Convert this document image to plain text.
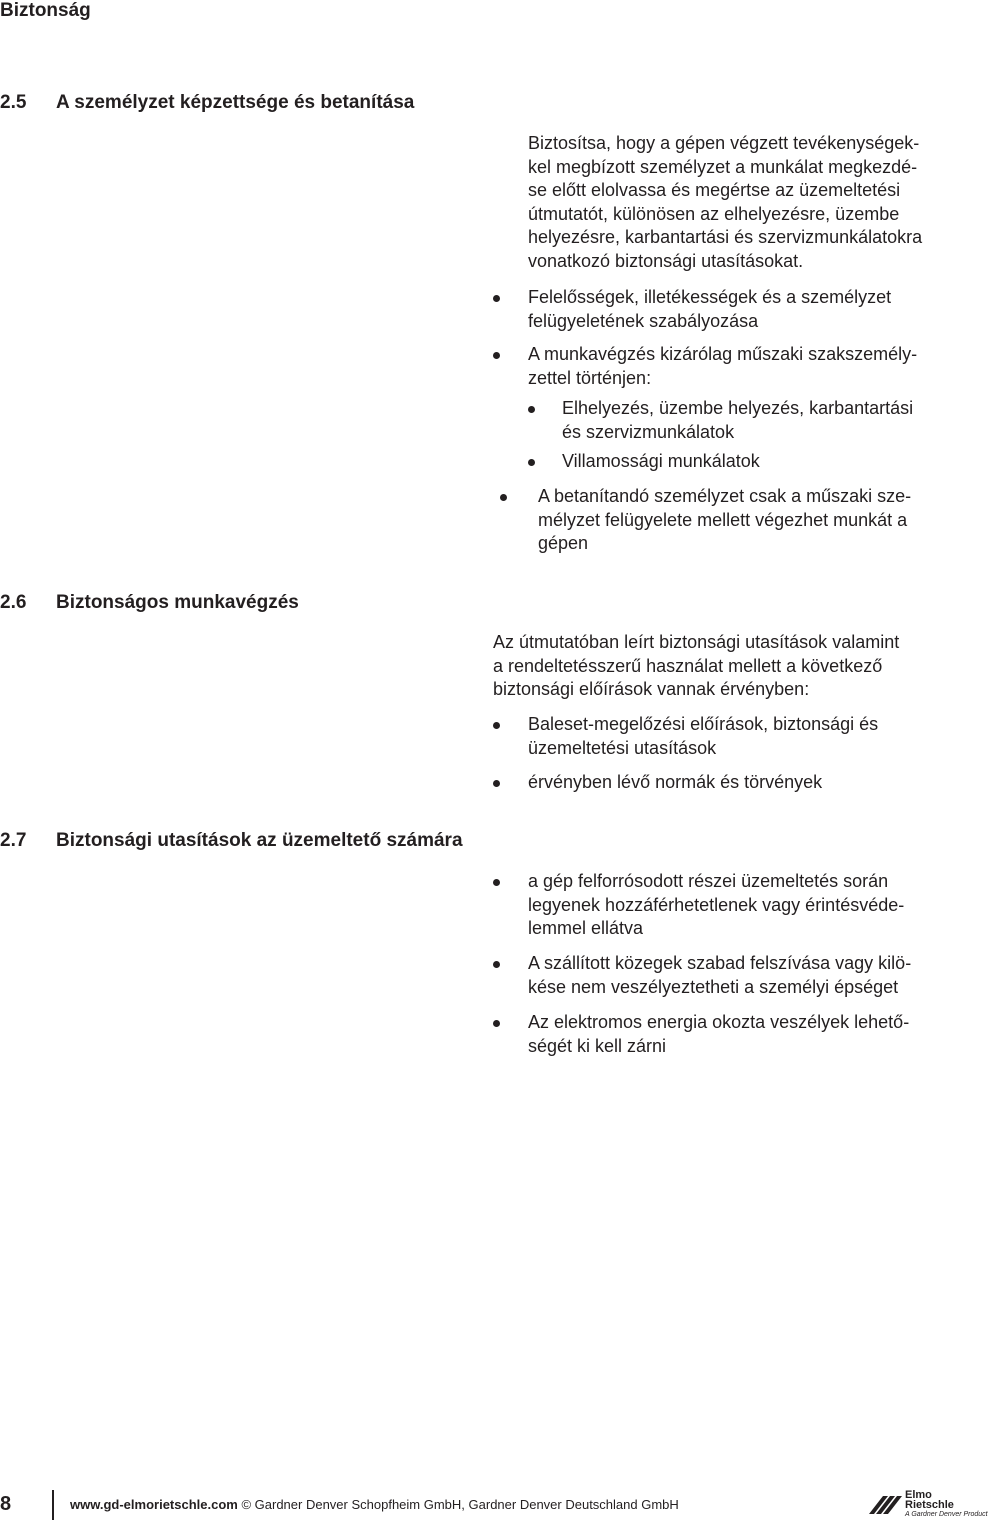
Biztonság
2.5 A személyzet képzettsége és betanítása
Biztosítsa, hogy a gépen végzett tevékenységek-
kel megbízott személyzet a munkálat megkezdé-
se előtt elolvassa és megértse az üzemeltetési
útmutatót, különösen az elhelyezésre, üzembe
helyezésre, karbantartási és szervizmunkálatokra
vonatkozó biztonsági utasításokat.
Felelősségek, illetékességek és a személyzet
felügyeletének szabályozása
A munkavégzés kizárólag műszaki szakszemély-
zettel történjen:
Elhelyezés, üzembe helyezés, karbantartási
és szervizmunkálatok
Villamossági munkálatok
A betanítandó személyzet csak a műszaki sze-
mélyzet felügyelete mellett végezhet munkát a
gépen
2.6 Biztonságos munkavégzés
Az útmutatóban leírt biztonsági utasítások valamint
a rendeltetésszerű használat mellett a következő
biztonsági előírások vannak érvényben:
Baleset-megelőzési előírások, biztonsági és
üzemeltetési utasítások
érvényben lévő normák és törvények
2.7 Biztonsági utasítások az üzemeltető számára
a gép felforrósodott részei üzemeltetés során
legyenek hozzáférhetetlenek vagy érintésvéde-
lemmel ellátva
A szállított közegek szabad felszívása vagy kilö-
kése nem veszélyeztetheti a személyi épséget
Az elektromos energia okozta veszélyek lehető-
ségét ki kell zárni
8	www.gd-elmorietschle.com © Gardner Denver Schopfheim GmbH, Gardner Denver Deutschland GmbH
Elmo
Rietschle
A Gardner Denver Product
